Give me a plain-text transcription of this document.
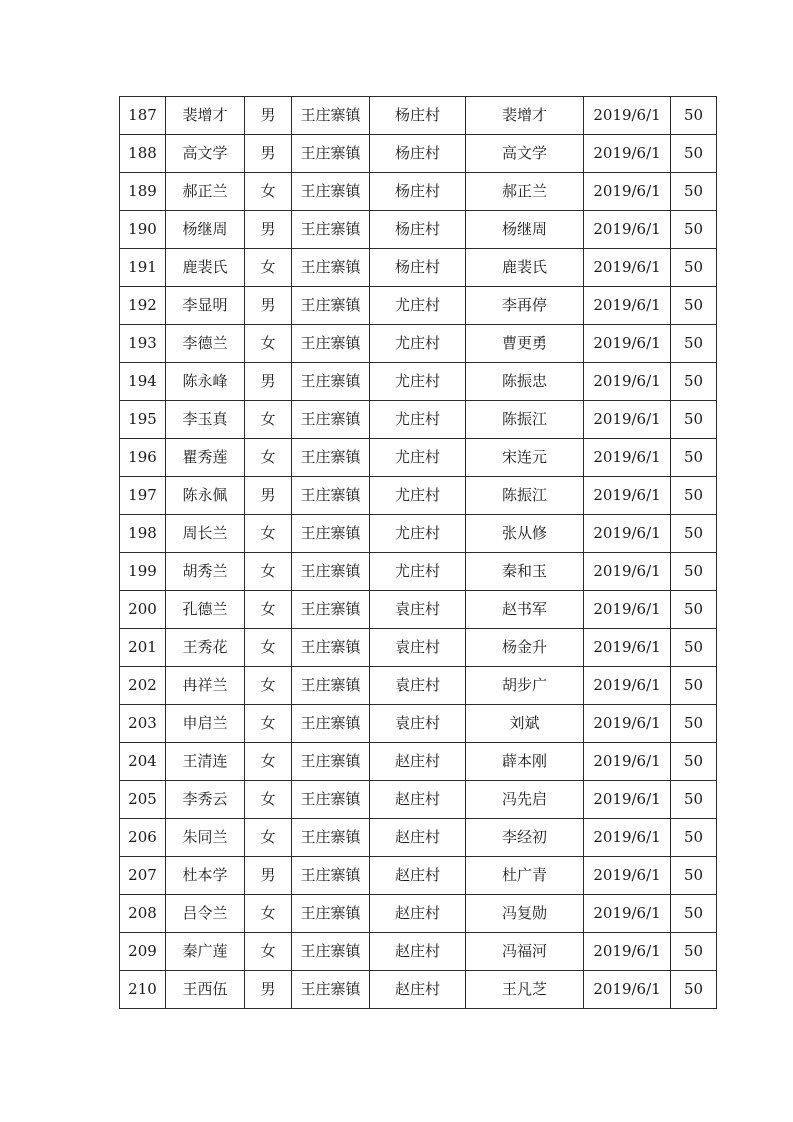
187	裴增才	男	王庄寨镇	杨庄村	裴增才	2019/6/1	50
188	高文学	男	王庄寨镇	杨庄村	高文学	2019/6/1	50
189	郝正兰	女	王庄寨镇	杨庄村	郝正兰	2019/6/1	50
190	杨继周	男	王庄寨镇	杨庄村	杨继周	2019/6/1	50
191	鹿裴氏	女	王庄寨镇	杨庄村	鹿裴氏	2019/6/1	50
192	李显明	男	王庄寨镇	尤庄村	李再停	2019/6/1	50
193	李德兰	女	王庄寨镇	尤庄村	曹更勇	2019/6/1	50
194	陈永峰	男	王庄寨镇	尤庄村	陈振忠	2019/6/1	50
195	李玉真	女	王庄寨镇	尤庄村	陈振江	2019/6/1	50
196	瞿秀莲	女	王庄寨镇	尤庄村	宋连元	2019/6/1	50
197	陈永佩	男	王庄寨镇	尤庄村	陈振江	2019/6/1	50
198	周长兰	女	王庄寨镇	尤庄村	张从修	2019/6/1	50
199	胡秀兰	女	王庄寨镇	尤庄村	秦和玉	2019/6/1	50
200	孔德兰	女	王庄寨镇	袁庄村	赵书军	2019/6/1	50
201	王秀花	女	王庄寨镇	袁庄村	杨金升	2019/6/1	50
202	冉祥兰	女	王庄寨镇	袁庄村	胡步广	2019/6/1	50
203	申启兰	女	王庄寨镇	袁庄村	刘斌	2019/6/1	50
204	王清连	女	王庄寨镇	赵庄村	薜本刚	2019/6/1	50
205	李秀云	女	王庄寨镇	赵庄村	冯先启	2019/6/1	50
206	朱同兰	女	王庄寨镇	赵庄村	李经初	2019/6/1	50
207	杜本学	男	王庄寨镇	赵庄村	杜广青	2019/6/1	50
208	吕令兰	女	王庄寨镇	赵庄村	冯复勋	2019/6/1	50
209	秦广莲	女	王庄寨镇	赵庄村	冯福河	2019/6/1	50
210	王西伍	男	王庄寨镇	赵庄村	王凡芝	2019/6/1	50
